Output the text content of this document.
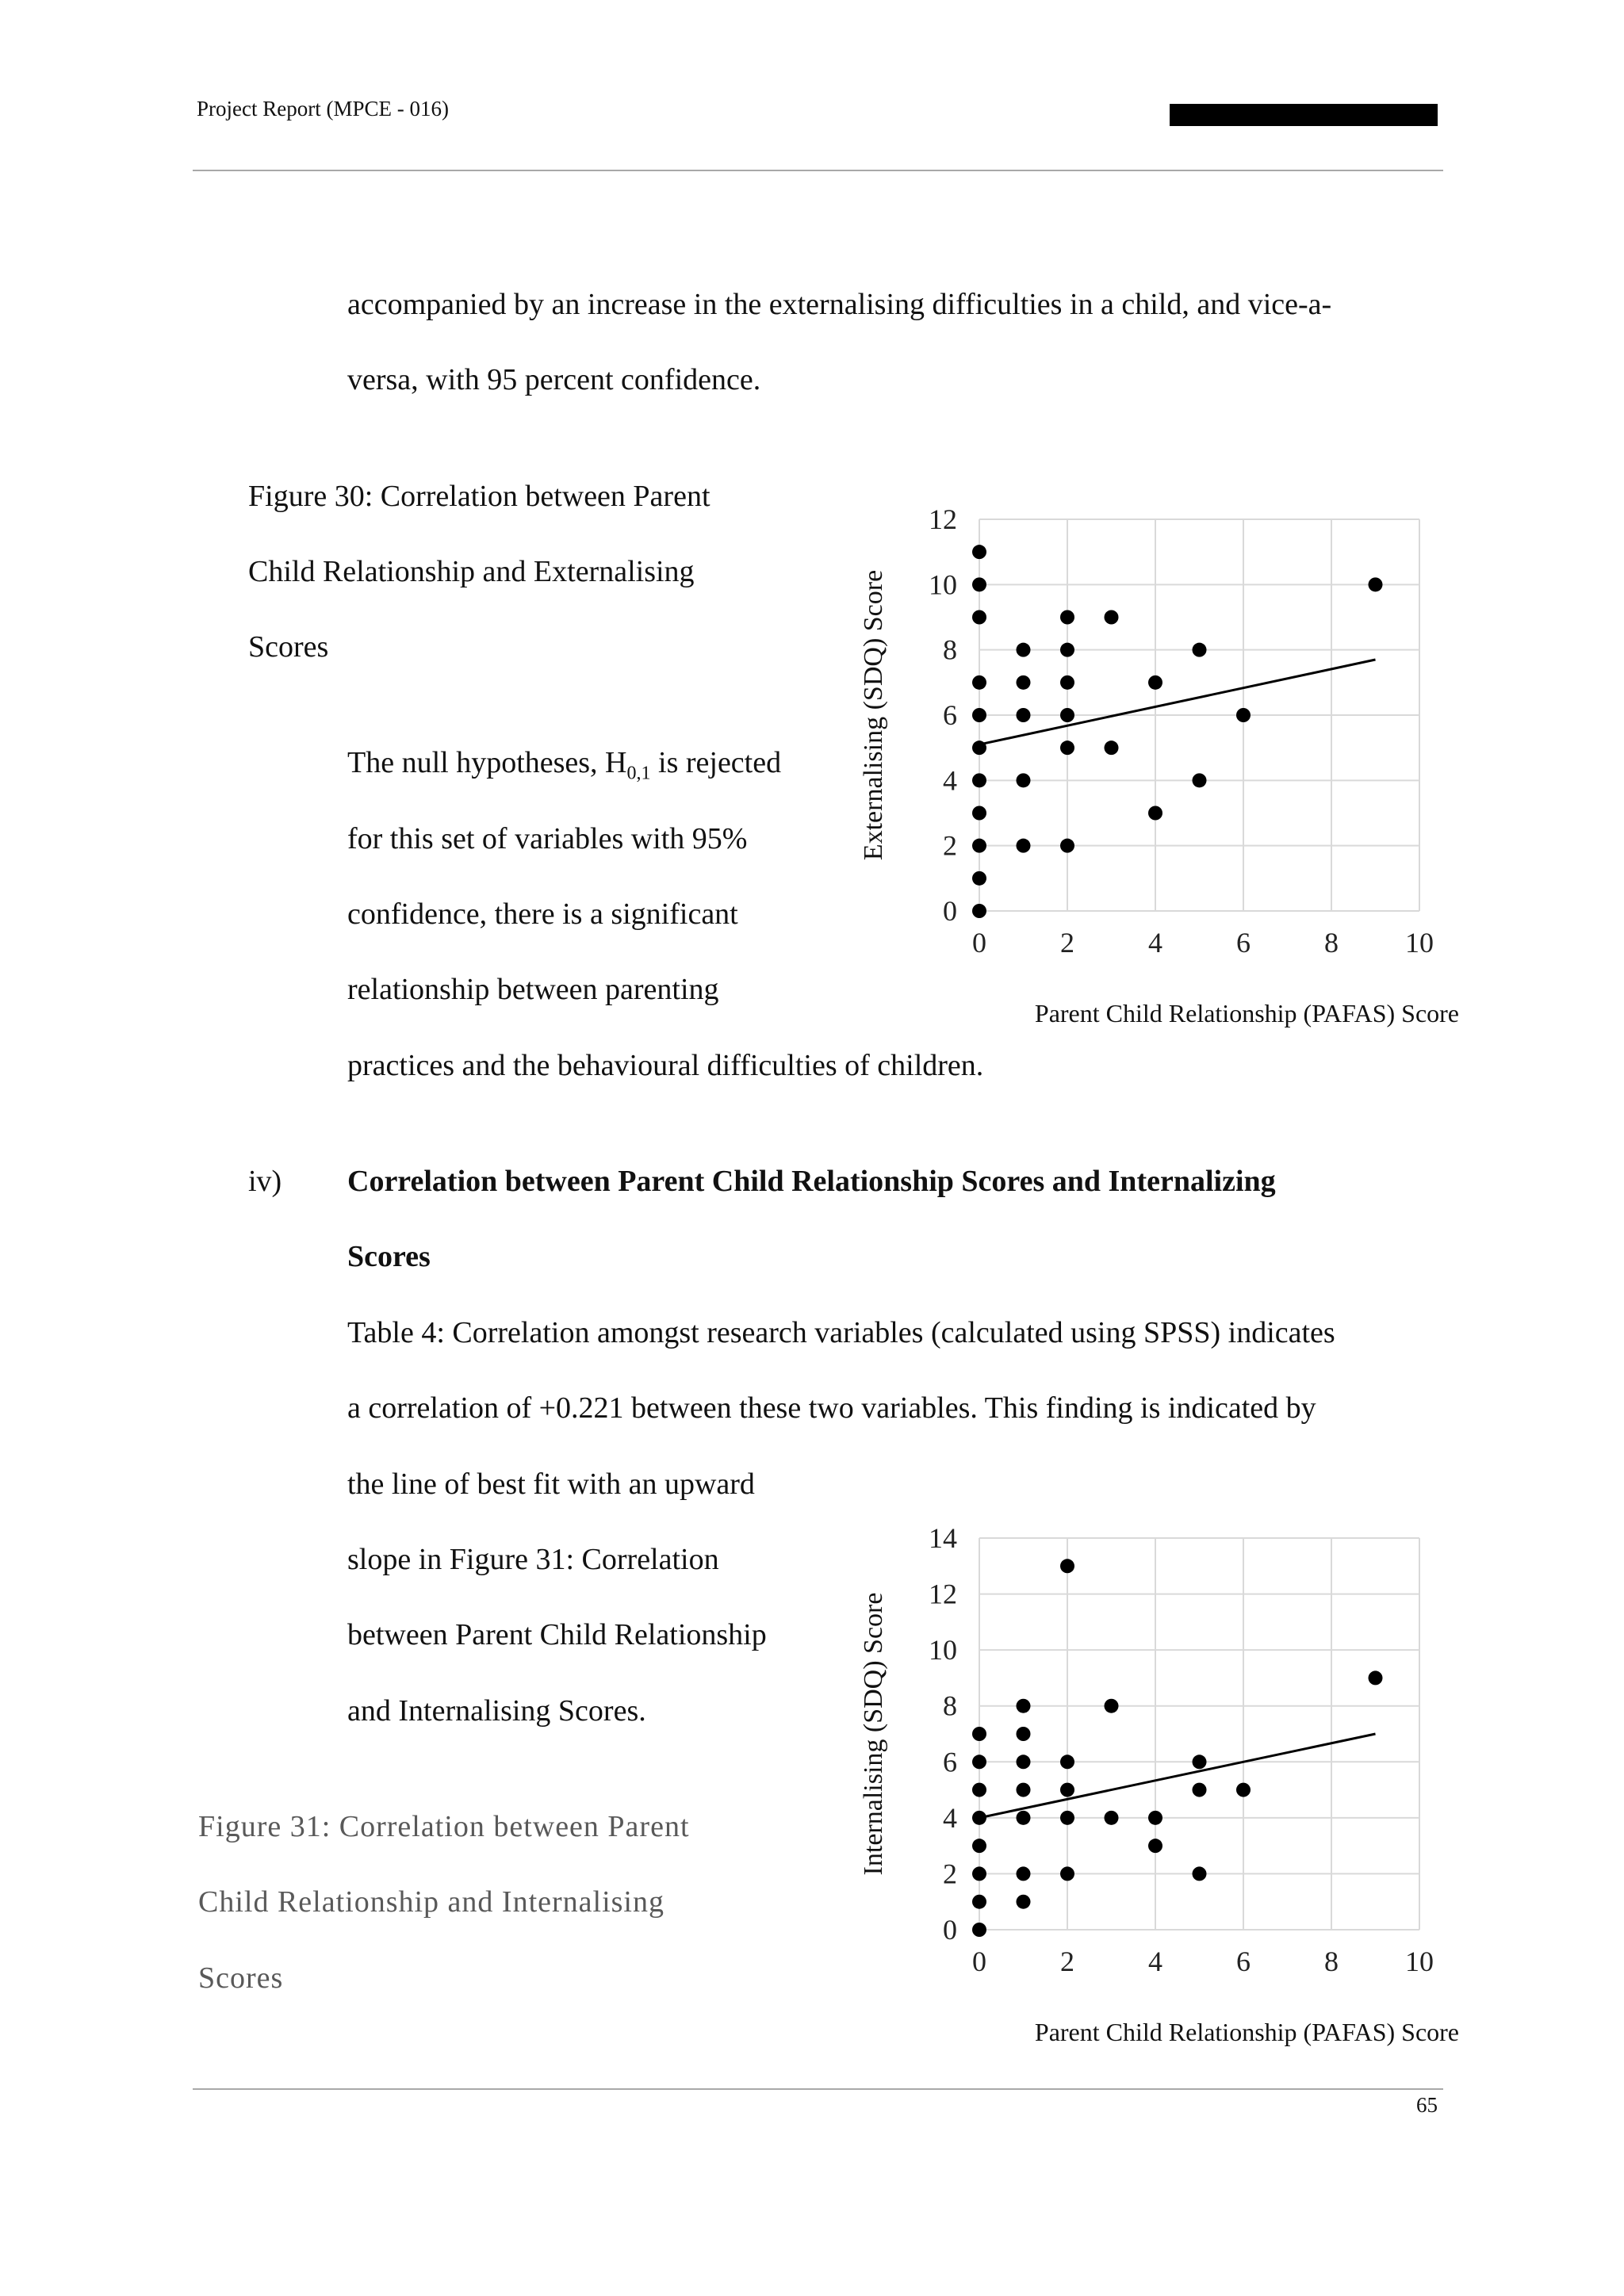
Project Report (MPCE - 016)
accompanied by an increase in the externalising difficulties in a child, and vice-a-
versa, with 95 percent confidence.
Figure 30: Correlation between Parent
Child Relationship and Externalising
Scores
The null hypotheses, $H_{0,1}$ is rejected
for this set of variables with 95%
confidence, there is a significant
relationship between parenting
practices and the behavioural difficulties of children.
iv) Correlation between Parent Child Relationship Scores and Internalizing
Scores
Table 4: Correlation amongst research variables (calculated using SPSS) indicates
a correlation of +0.221 between these two variables. This finding is indicated by
the line of best fit with an upward
slope in Figure 31: Correlation
between Parent Child Relationship
and Internalising Scores.
Figure 31: Correlation between Parent
Child Relationship and Internalising
Scores
0	2	4	6	8 10
0
2
4
6
8
10
12
Externalising (SDQ) Score
Parent Child Relationship (PAFAS) Score
0	2	4	6	8 10
0
2
4
6
8
10
12
14
Internalising (SDQ) Score
Parent Child Relationship (PAFAS) Score
65
